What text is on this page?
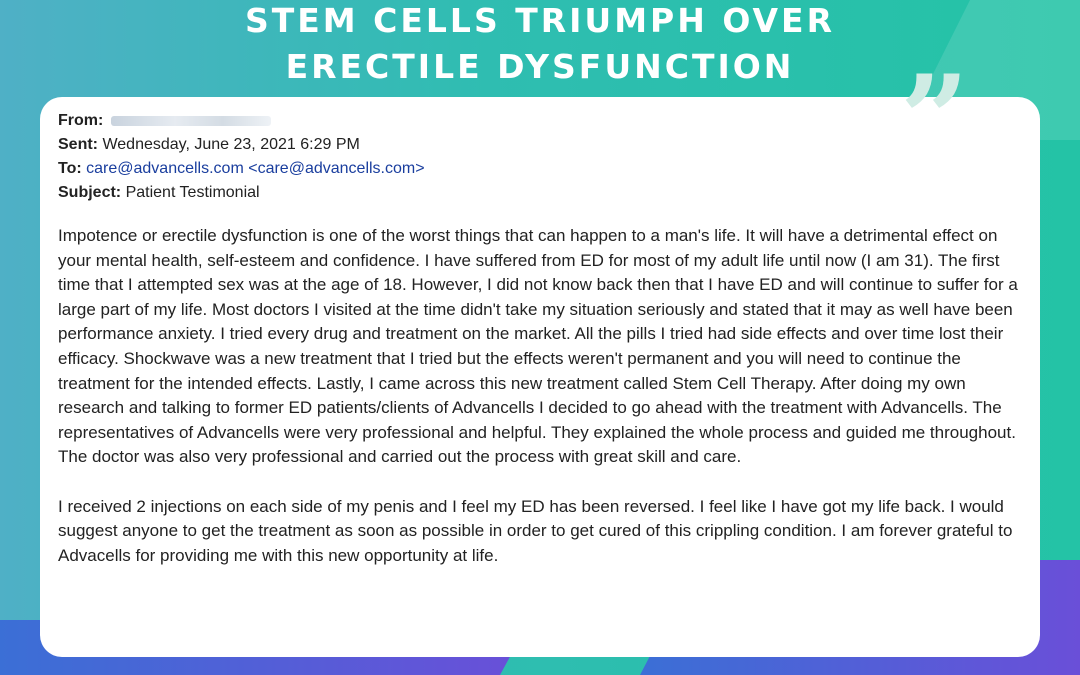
STEM CELLS TRIUMPH OVER
ERECTILE DYSFUNCTION ”
From:
Sent: Wednesday, June 23, 2021 6:29 PM
To: care@advancells.com <care@advancells.com>
Subject: Patient Testimonial

Impotence or erectile dysfunction is one of the worst things that can happen to a man's life. It will have a detrimental effect on your mental health, self-esteem and confidence. I have suffered from ED for most of my adult life until now (I am 31). The first time that I attempted sex was at the age of 18. However, I did not know back then that I have ED and will continue to suffer for a large part of my life. Most doctors I visited at the time didn't take my situation seriously and stated that it may as well have been performance anxiety. I tried every drug and treatment on the market. All the pills I tried had side effects and over time lost their efficacy. Shockwave was a new treatment that I tried but the effects weren't permanent and you will need to continue the treatment for the intended effects. Lastly, I came across this new treatment called Stem Cell Therapy. After doing my own research and talking to former ED patients/clients of Advancells I decided to go ahead with the treatment with Advancells. The representatives of Advancells were very professional and helpful. They explained the whole process and guided me throughout. The doctor was also very professional and carried out the process with great skill and care.

I received 2 injections on each side of my penis and I feel my ED has been reversed. I feel like I have got my life back. I would suggest anyone to get the treatment as soon as possible in order to get cured of this crippling condition. I am forever grateful to Advacells for providing me with this new opportunity at life.
